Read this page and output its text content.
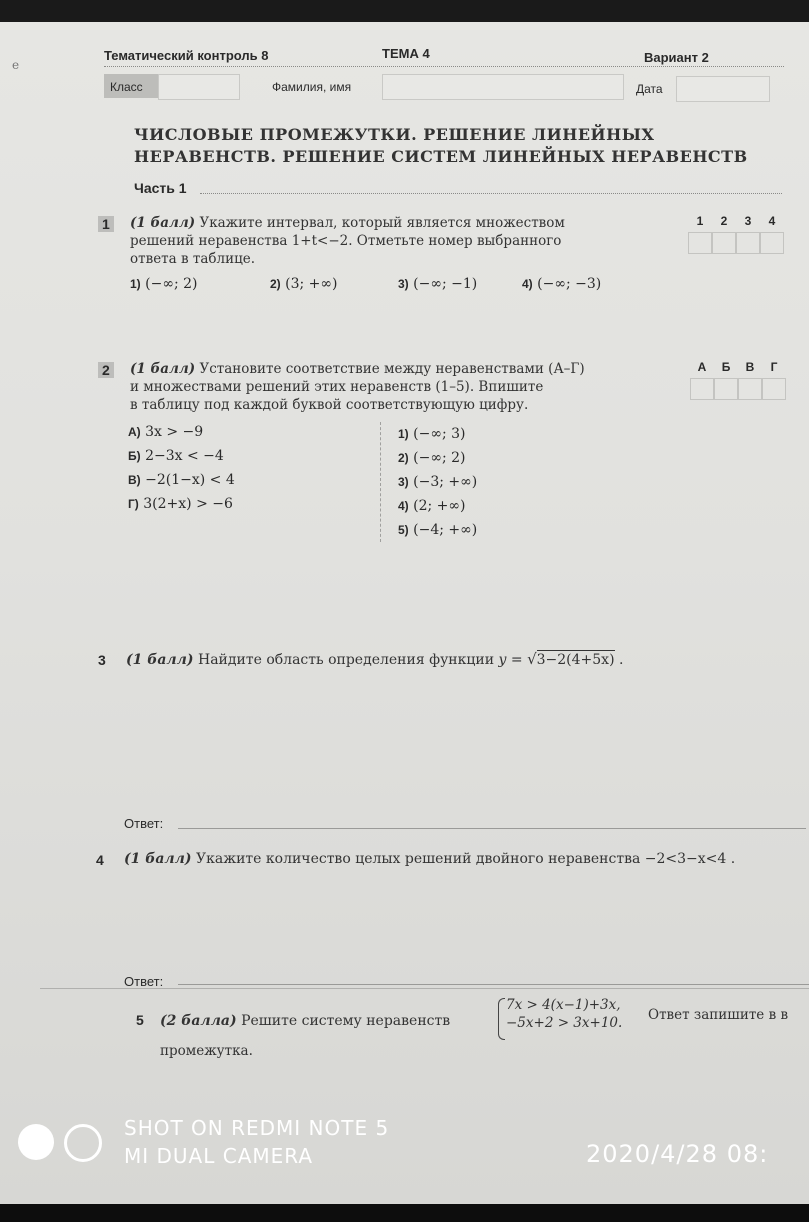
e
Тематический контроль 8	ТЕМА 4	Вариант 2
Класс	Фамилия, имя	Дата
ЧИСЛОВЫЕ ПРОМЕЖУТКИ. РЕШЕНИЕ ЛИНЕЙНЫХ
НЕРАВЕНСТВ. РЕШЕНИЕ СИСТЕМ ЛИНЕЙНЫХ НЕРАВЕНСТВ
Часть 1
1 (1 балл) Укажите интервал, который является множеством
решений неравенства 1+t<−2. Отметьте номер выбранного
ответа в таблице.
1 2 3 4
1) (−∞; 2)	2) (3; +∞)	3) (−∞; −1)	4) (−∞; −3)
2 (1 балл) Установите соответствие между неравенствами (А–Г)
и множествами решений этих неравенств (1–5). Впишите
в таблицу под каждой буквой соответствующую цифру.
А Б В Г
А) 3x > −9
Б) 2−3x < −4
В) −2(1−x) < 4
Г) 3(2+x) > −6
1) (−∞; 3)
2) (−∞; 2)
3) (−3; +∞)
4) (2; +∞)
5) (−4; +∞)
3 (1 балл) Найдите область определения функции y = √3−2(4+5x) .
Ответ:
4 (1 балл) Укажите количество целых решений двойного неравенства −2<3−x<4 .
Ответ:
5 (2 балла) Решите систему неравенств
7x > 4(x−1)+3x,
−5x+2 > 3x+10. Ответ запишите в в
промежутка.
SHOT ON REDMI NOTE 5
MI DUAL CAMERA	2020/4/28 08:
